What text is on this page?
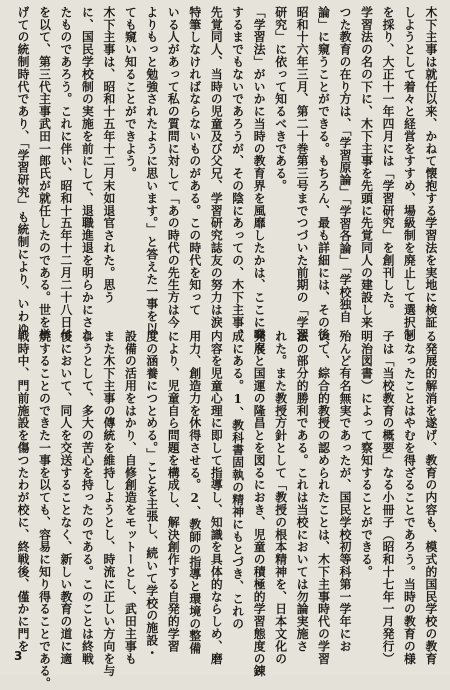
木下主事は就任以来、かねて懐抱する学習法を実地に検証
しようとして着々と経営をすすめ、場級制を廃止して選択制
を採り、大正十一年四月には「学習研究」を創刊した。
学習法の名の下に、木下主事を先頭に先覚同人の建設し来
つた教育の在り方は、「学習原論」「学習各論」「学校独自
論」に窺うことができる。もちろん、最も詳細には、その後、
昭和十六年三月、第二十巻第三号までつづいた前期の「学習
研究」に依って知るべきである。
「学習法」がいかに当時の教育界を風靡したかは、ここに喋々
するまでもないであろうが、その陰にあっての、木下主事、
先覚同人、当時の児童及び父兄、学習研究誌友の努力は涙
特筆しなければならないものがある。この時代を知って
いる人があって私の質問に対して「あの時代の先生方は今
よりもっと勉強されたように思います。」と答えた一事を以
ても窺い知ることができよう。
木下主事は、昭和十五年十二月末如退官された。思う
に、国民学校制の実施を前にして、退職進退を明らかにされ
たものであろう。これに伴い、昭和十五年十二月二十八日付
を以て、第三代主事武田一郎氏が就任したのである。世を挙
げての統制時代であり、「学習研究」も統制により、いわゆ
る発展的解消を遂げ、教育の内容も、模式的国民学校の教育
となったことはやむを得ざることであろう。当時の教育の様
子は「当校教育の概要」なる小冊子（昭和十七年一月発行）
明治図書）によって察知することができる。
殆んど有名無実であったが、国民学校初等科第一学年にお
いて、綜合的教授の認められたことは、木下主事時代の学習
法の部分的勝利である。これは当校においては勿論実施さ
れた。また教授方針として「教授の根本精神を、日本文化の
発展と国運の隆昌とを図るにおき、児童の積極的学習態度の錬
成にある。1、教科書固執の精神にもとづき、これの
内容を児童心理に即して指導し、知識を具体的ならしめ、磨
用力、創造力を休得させる。2、教師の指導と環境の整備
により、児童自ら問題を構成し、解決創作する自発的学習
度の涵養につとめる。」ことを主張し、続いて学校の施設・
設備の活用をはかり、自修創造をモットーとし、武田主事も
また木下主事の傳統を維持しようとし、時流に正しい方向を与
ようとして、多大の苦心を持ったのである。このことは終戦
後において、同人を交送することなく、新しい教育の道に適
焼することのできた一事を以ても、容易に知り得ることである。
戦時中、門前施設を傷つたわが校に、終戦後、僅かに門を
3
